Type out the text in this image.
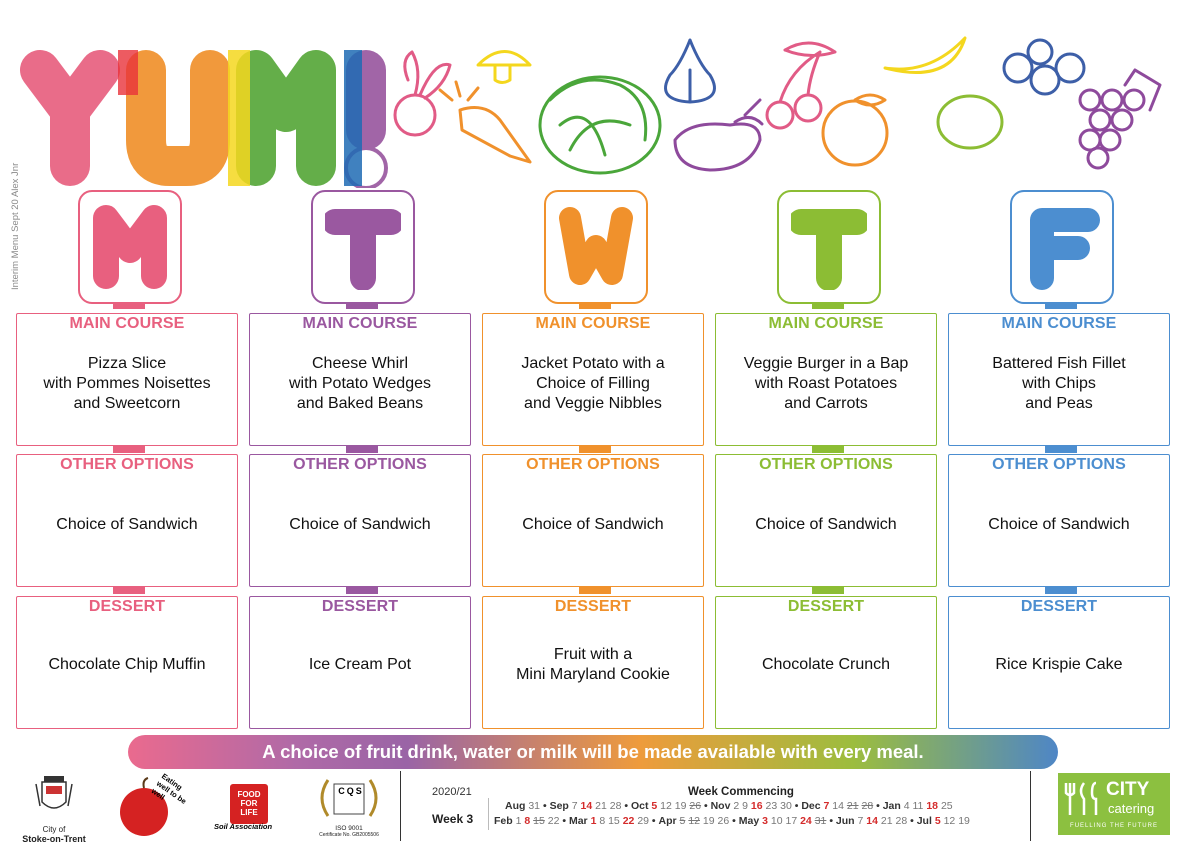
Interim Menu Sept 20 Alex Jnr
MAIN COURSE
Pizza Slice
with Pommes Noisettes
and Sweetcorn
OTHER OPTIONS
Choice of Sandwich
DESSERT
Chocolate Chip Muffin
MAIN COURSE
Cheese Whirl
with Potato Wedges
and Baked Beans
OTHER OPTIONS
Choice of Sandwich
DESSERT
Ice Cream Pot
MAIN COURSE
Jacket Potato with a
Choice of Filling
and Veggie Nibbles
OTHER OPTIONS
Choice of Sandwich
DESSERT
Fruit with a
Mini Maryland Cookie
MAIN COURSE
Veggie Burger in a Bap
with Roast Potatoes
and Carrots
OTHER OPTIONS
Choice of Sandwich
DESSERT
Chocolate Crunch
MAIN COURSE
Battered Fish Fillet
with Chips
and Peas
OTHER OPTIONS
Choice of Sandwich
DESSERT
Rice Krispie Cake
A choice of fruit drink, water or milk will be made available with every meal.
City of
Stoke-on-Trent
Eating well to be well	FOOD
FOR
LIFE
Soil Association
C Q S
ISO 9001
Certificate No. GB2005506
2020/21
Week 3
Week Commencing
Aug 31 • Sep 7 14 21 28 • Oct 5 12 19 26 • Nov 2 9 16 23 30 • Dec 7 14 21 28 • Jan 4 11 18 25
Feb 1 8 15 22 • Mar 1 8 15 22 29 • Apr 5 12 19 26 • May 3 10 17 24 31 • Jun 7 14 21 28 • Jul 5 12 19
CITY
catering
FUELLING THE FUTURE
